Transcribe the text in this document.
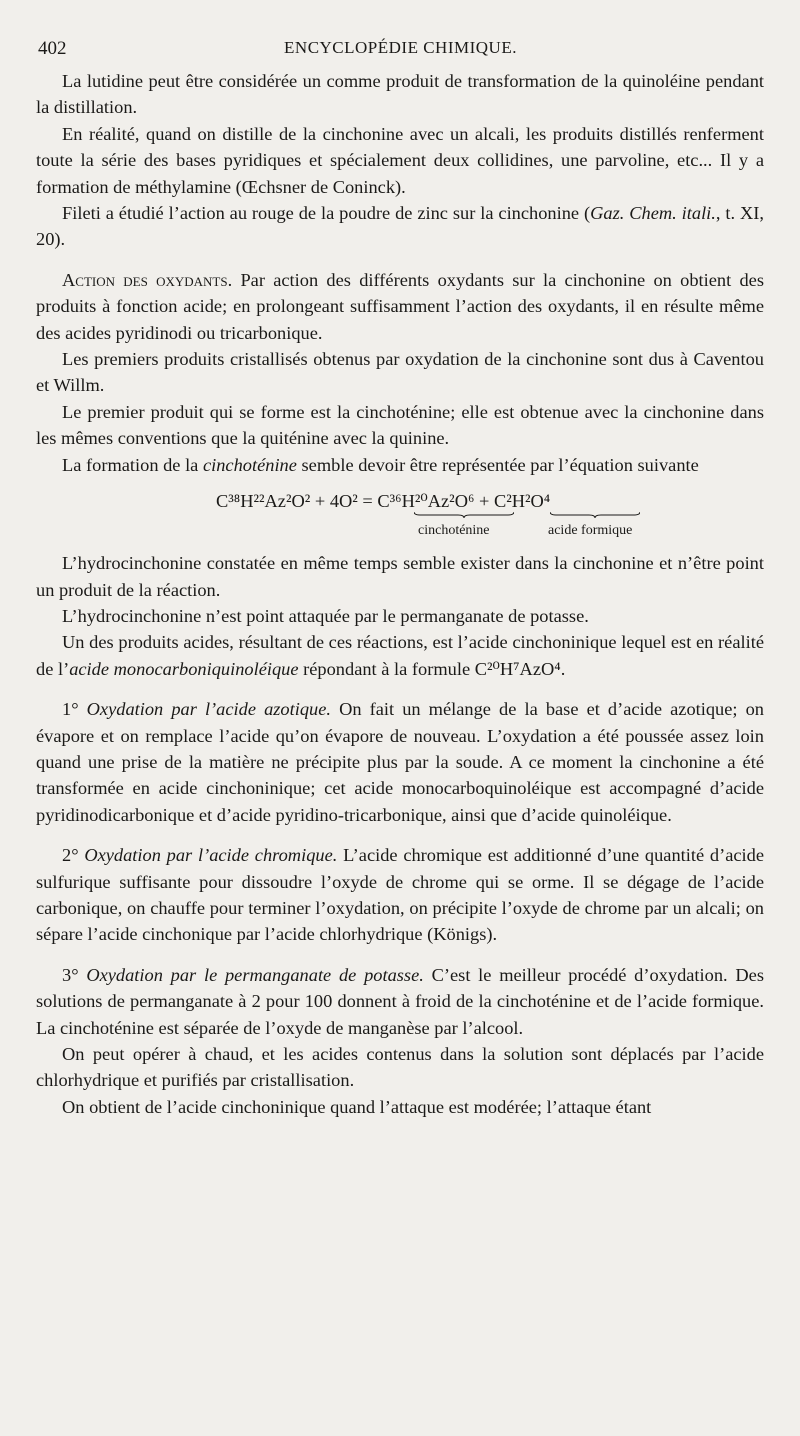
402	ENCYCLOPÉDIE CHIMIQUE.

La lutidine peut être considérée un comme produit de transformation de la quinoléine pendant la distillation.

En réalité, quand on distille de la cinchonine avec un alcali, les produits distillés renferment toute la série des bases pyridiques et spécialement deux collidines, une parvoline, etc... Il y a formation de méthylamine (Œchsner de Coninck).

Fileti a étudié l’action au rouge de la poudre de zinc sur la cinchonine (Gaz. Chem. itali., t. XI, 20).

Action des oxydants. Par action des différents oxydants sur la cinchonine on obtient des produits à fonction acide; en prolongeant suffisamment l’action des oxydants, il en résulte même des acides pyridinodi ou tricarbonique.

Les premiers produits cristallisés obtenus par oxydation de la cinchonine sont dus à Caventou et Willm.

Le premier produit qui se forme est la cinchoténine; elle est obtenue avec la cinchonine dans les mêmes conventions que la quiténine avec la quinine.

La formation de la cinchoténine semble devoir être représentée par l’équation suivante

C³⁸H²²Az²O² + 4O² = C³⁶H²⁰Az²O⁶ + C²H²O⁴
cinchoténine	acide formique

L’hydrocinchonine constatée en même temps semble exister dans la cinchonine et n’être point un produit de la réaction.

L’hydrocinchonine n’est point attaquée par le permanganate de potasse.

Un des produits acides, résultant de ces réactions, est l’acide cinchoninique lequel est en réalité de l’acide monocarboniquinoléique répondant à la formule C²⁰H⁷AzO⁴.

1° Oxydation par l’acide azotique. On fait un mélange de la base et d’acide azotique; on évapore et on remplace l’acide qu’on évapore de nouveau. L’oxydation a été poussée assez loin quand une prise de la matière ne précipite plus par la soude. A ce moment la cinchonine a été transformée en acide cinchoninique; cet acide monocarboquinoléique est accompagné d’acide pyridinodicarbonique et d’acide pyridino-tricarbonique, ainsi que d’acide quinoléique.

2° Oxydation par l’acide chromique. L’acide chromique est additionné d’une quantité d’acide sulfurique suffisante pour dissoudre l’oxyde de chrome qui se orme. Il se dégage de l’acide carbonique, on chauffe pour terminer l’oxydation, on précipite l’oxyde de chrome par un alcali; on sépare l’acide cinchonique par l’acide chlorhydrique (Königs).

3° Oxydation par le permanganate de potasse. C’est le meilleur procédé d’oxydation. Des solutions de permanganate à 2 pour 100 donnent à froid de la cinchoténine et de l’acide formique. La cinchoténine est séparée de l’oxyde de manganèse par l’alcool.

On peut opérer à chaud, et les acides contenus dans la solution sont déplacés par l’acide chlorhydrique et purifiés par cristallisation.

On obtient de l’acide cinchoninique quand l’attaque est modérée; l’attaque étant
